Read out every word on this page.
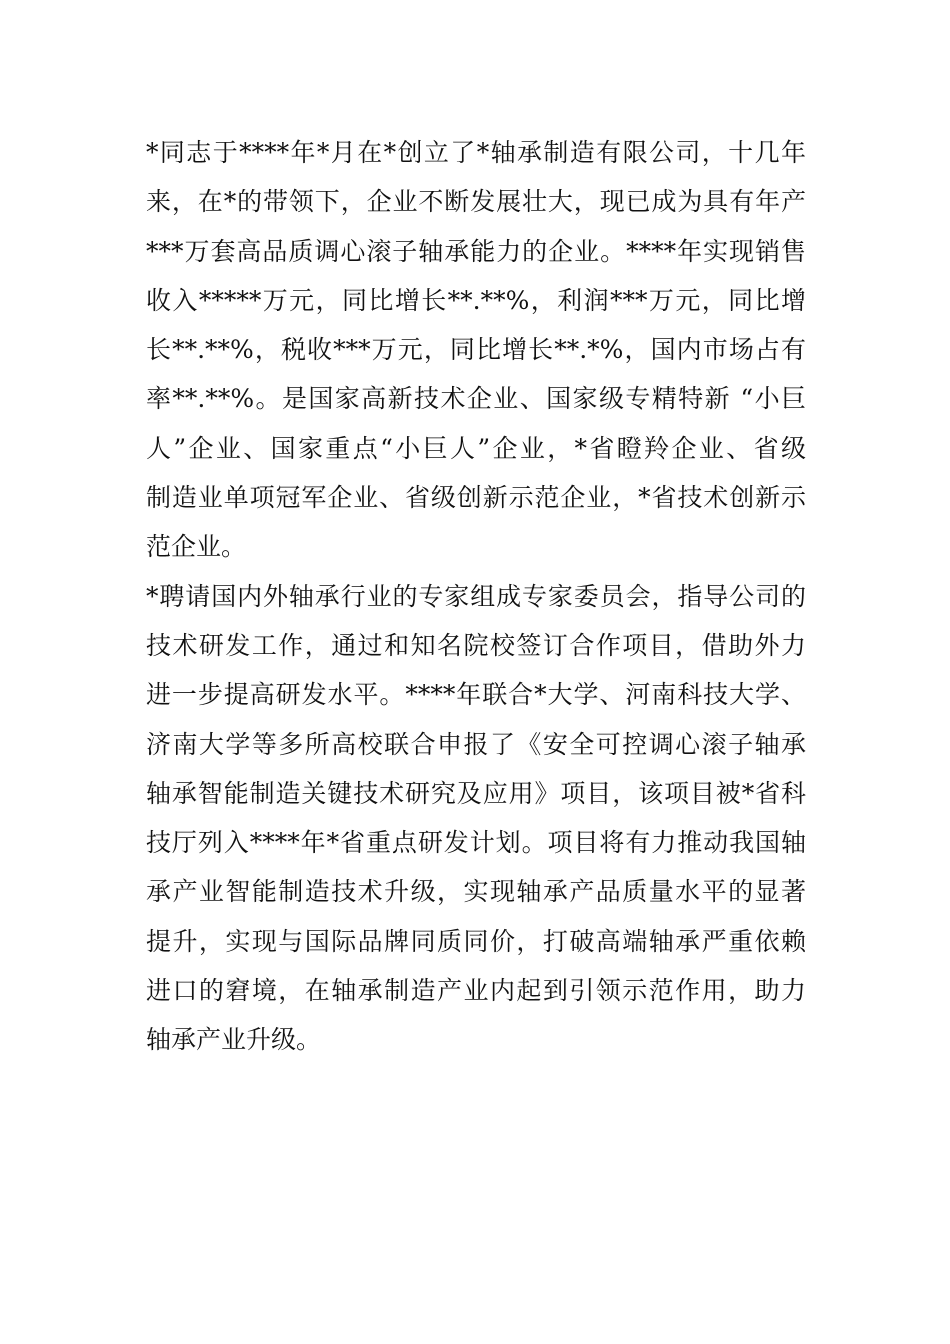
*同志于****年*月在*创立了*轴承制造有限公司，十几年
来，在*的带领下，企业不断发展壮大，现已成为具有年产
***万套高品质调心滚子轴承能力的企业。****年实现销售
收入*****万元，同比增长**.**%，利润***万元，同比增
长**.**%，税收***万元，同比增长**.*%，国内市场占有
率**.**%。是国家高新技术企业、国家级专精特新 “小巨
人”企业、国家重点“小巨人”企业，*省瞪羚企业、省级
制造业单项冠军企业、省级创新示范企业，*省技术创新示
范企业。
*聘请国内外轴承行业的专家组成专家委员会，指导公司的
技术研发工作，通过和知名院校签订合作项目，借助外力
进一步提高研发水平。****年联合*大学、河南科技大学、
济南大学等多所高校联合申报了《安全可控调心滚子轴承
轴承智能制造关键技术研究及应用》项目，该项目被*省科
技厅列入****年*省重点研发计划。项目将有力推动我国轴
承产业智能制造技术升级，实现轴承产品质量水平的显著
提升，实现与国际品牌同质同价，打破高端轴承严重依赖
进口的窘境，在轴承制造产业内起到引领示范作用，助力
轴承产业升级。
